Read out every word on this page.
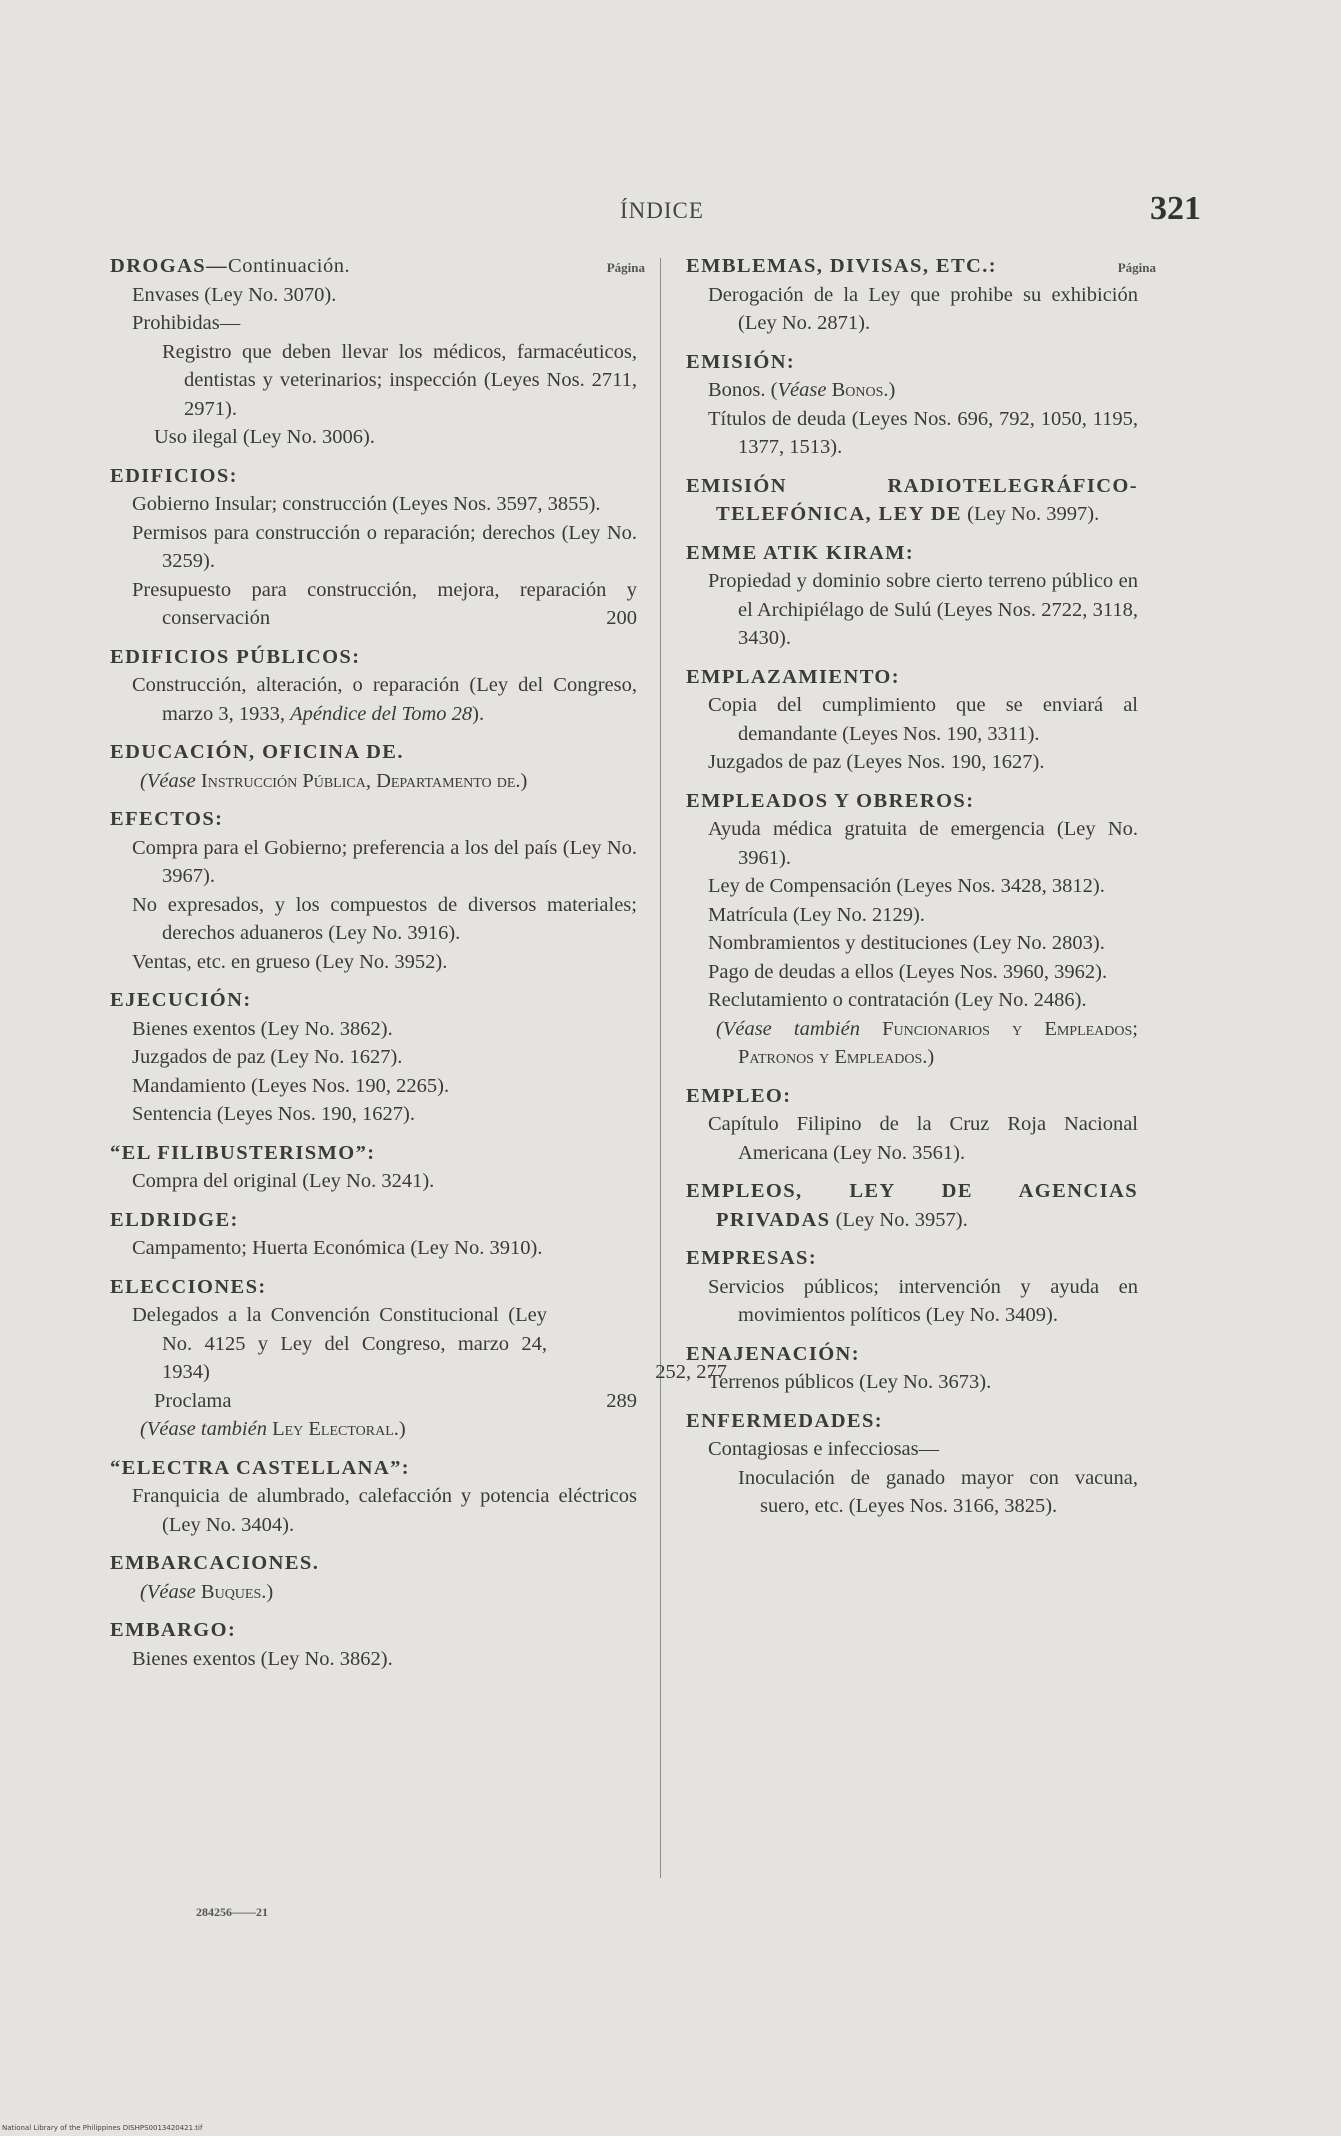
ÍNDICE	321
Página
DROGAS—Continuación.
Envases (Ley No. 3070).
Prohibidas—
Registro que deben llevar los médicos, farmacéuticos, dentistas y veterinarios; inspección (Leyes Nos. 2711, 2971).
Uso ilegal (Ley No. 3006).
EDIFICIOS:
Gobierno Insular; construcción (Leyes Nos. 3597, 3855).
Permisos para construcción o reparación; derechos (Ley No. 3259).
Presupuesto para construcción, mejora, reparación y conservación	200
EDIFICIOS PÚBLICOS:
Construcción, alteración, o reparación (Ley del Congreso, marzo 3, 1933, Apéndice del Tomo 28).
EDUCACIÓN, OFICINA DE.
(Véase Instrucción Pública, Departamento de.)
EFECTOS:
Compra para el Gobierno; preferencia a los del país (Ley No. 3967).
No expresados, y los compuestos de diversos materiales; derechos aduaneros (Ley No. 3916).
Ventas, etc. en grueso (Ley No. 3952).
EJECUCIÓN:
Bienes exentos (Ley No. 3862).
Juzgados de paz (Ley No. 1627).
Mandamiento (Leyes Nos. 190, 2265).
Sentencia (Leyes Nos. 190, 1627).
“EL FILIBUSTERISMO”:
Compra del original (Ley No. 3241).
ELDRIDGE:
Campamento; Huerta Económica (Ley No. 3910).
ELECCIONES:
Delegados a la Convención Constitucional (Ley No. 4125 y Ley del Congreso, marzo 24, 1934)	252, 277
Proclama	289
(Véase también Ley Electoral.)
“ELECTRA CASTELLANA”:
Franquicia de alumbrado, calefacción y potencia eléctricos (Ley No. 3404).
EMBARCACIONES.
(Véase Buques.)
EMBARGO:
Bienes exentos (Ley No. 3862).
Página
EMBLEMAS, DIVISAS, ETC.:
Derogación de la Ley que prohibe su exhibición (Ley No. 2871).
EMISIÓN:
Bonos. (Véase Bonos.)
Títulos de deuda (Leyes Nos. 696, 792, 1050, 1195, 1377, 1513).
EMISIÓN RADIOTELEGRÁFICO-TELEFÓNICA, LEY DE (Ley No. 3997).
EMME ATIK KIRAM:
Propiedad y dominio sobre cierto terreno público en el Archipiélago de Sulú (Leyes Nos. 2722, 3118, 3430).
EMPLAZAMIENTO:
Copia del cumplimiento que se enviará al demandante (Leyes Nos. 190, 3311).
Juzgados de paz (Leyes Nos. 190, 1627).
EMPLEADOS Y OBREROS:
Ayuda médica gratuita de emergencia (Ley No. 3961).
Ley de Compensación (Leyes Nos. 3428, 3812).
Matrícula (Ley No. 2129).
Nombramientos y destituciones (Ley No. 2803).
Pago de deudas a ellos (Leyes Nos. 3960, 3962).
Reclutamiento o contratación (Ley No. 2486).
(Véase también Funcionarios y Empleados; Patronos y Empleados.)
EMPLEO:
Capítulo Filipino de la Cruz Roja Nacional Americana (Ley No. 3561).
EMPLEOS, LEY DE AGENCIAS PRIVADAS (Ley No. 3957).
EMPRESAS:
Servicios públicos; intervención y ayuda en movimientos políticos (Ley No. 3409).
ENAJENACIÓN:
Terrenos públicos (Ley No. 3673).
ENFERMEDADES:
Contagiosas e infecciosas—
Inoculación de ganado mayor con vacuna, suero, etc. (Leyes Nos. 3166, 3825).
284256——21
National Library of the Philippines DISHPS0013420421.tif
